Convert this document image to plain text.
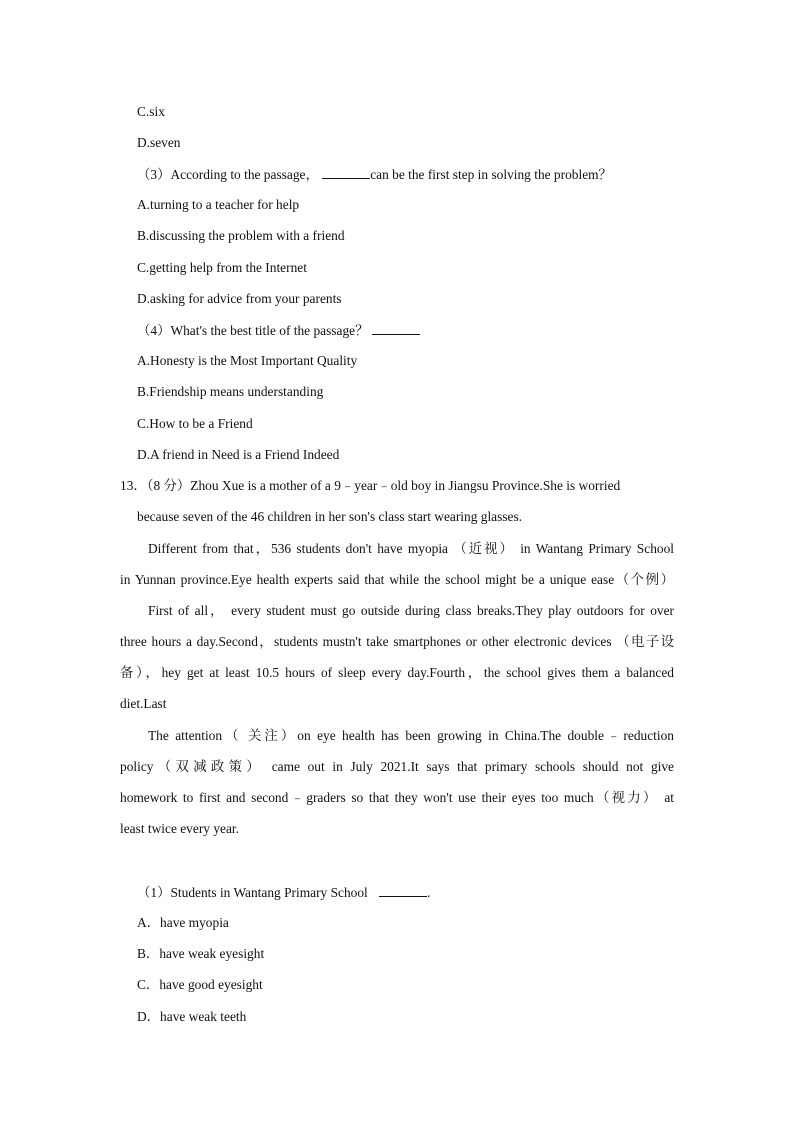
C.six
D.seven
（3）According to the passage，	can be the first step in solving the problem？
A.turning to a teacher for help
B.discussing the problem with a friend
C.getting help from the Internet
D.asking for advice from your parents
（4）What's the best title of the passage？
A.Honesty is the Most Important Quality
B.Friendship means understanding
C.How to be a Friend
D.A friend in Need is a Friend Indeed
13．（8 分）Zhou Xue is a mother of a 9﹣year﹣old boy in Jiangsu Province.She is worried
because seven of the 46 children in her son's class start wearing glasses.
Different from that，536 students don't have myopia （近视） in Wantang Primary School
in Yunnan province.Eye health experts said that while the school might be a unique ease（个例）
First of all， every student must go outside during class breaks.They play outdoors for over
three hours a day.Second，students mustn't take smartphones or other electronic devices （电子设
备），hey get at least 10.5 hours of sleep every day.Fourth，the school gives them a balanced
diet.Last
The attention（ 关注）on eye health has been growing in China.The double﹣reduction
policy（双减政策） came out in July 2021.It says that primary schools should not give
homework to first and second﹣graders so that they won't use their eyes too much（视力） at
least twice every year.
（1）Students in Wantang Primary School	.
A．have myopia
B．have weak eyesight
C．have good eyesight
D．have weak teeth
